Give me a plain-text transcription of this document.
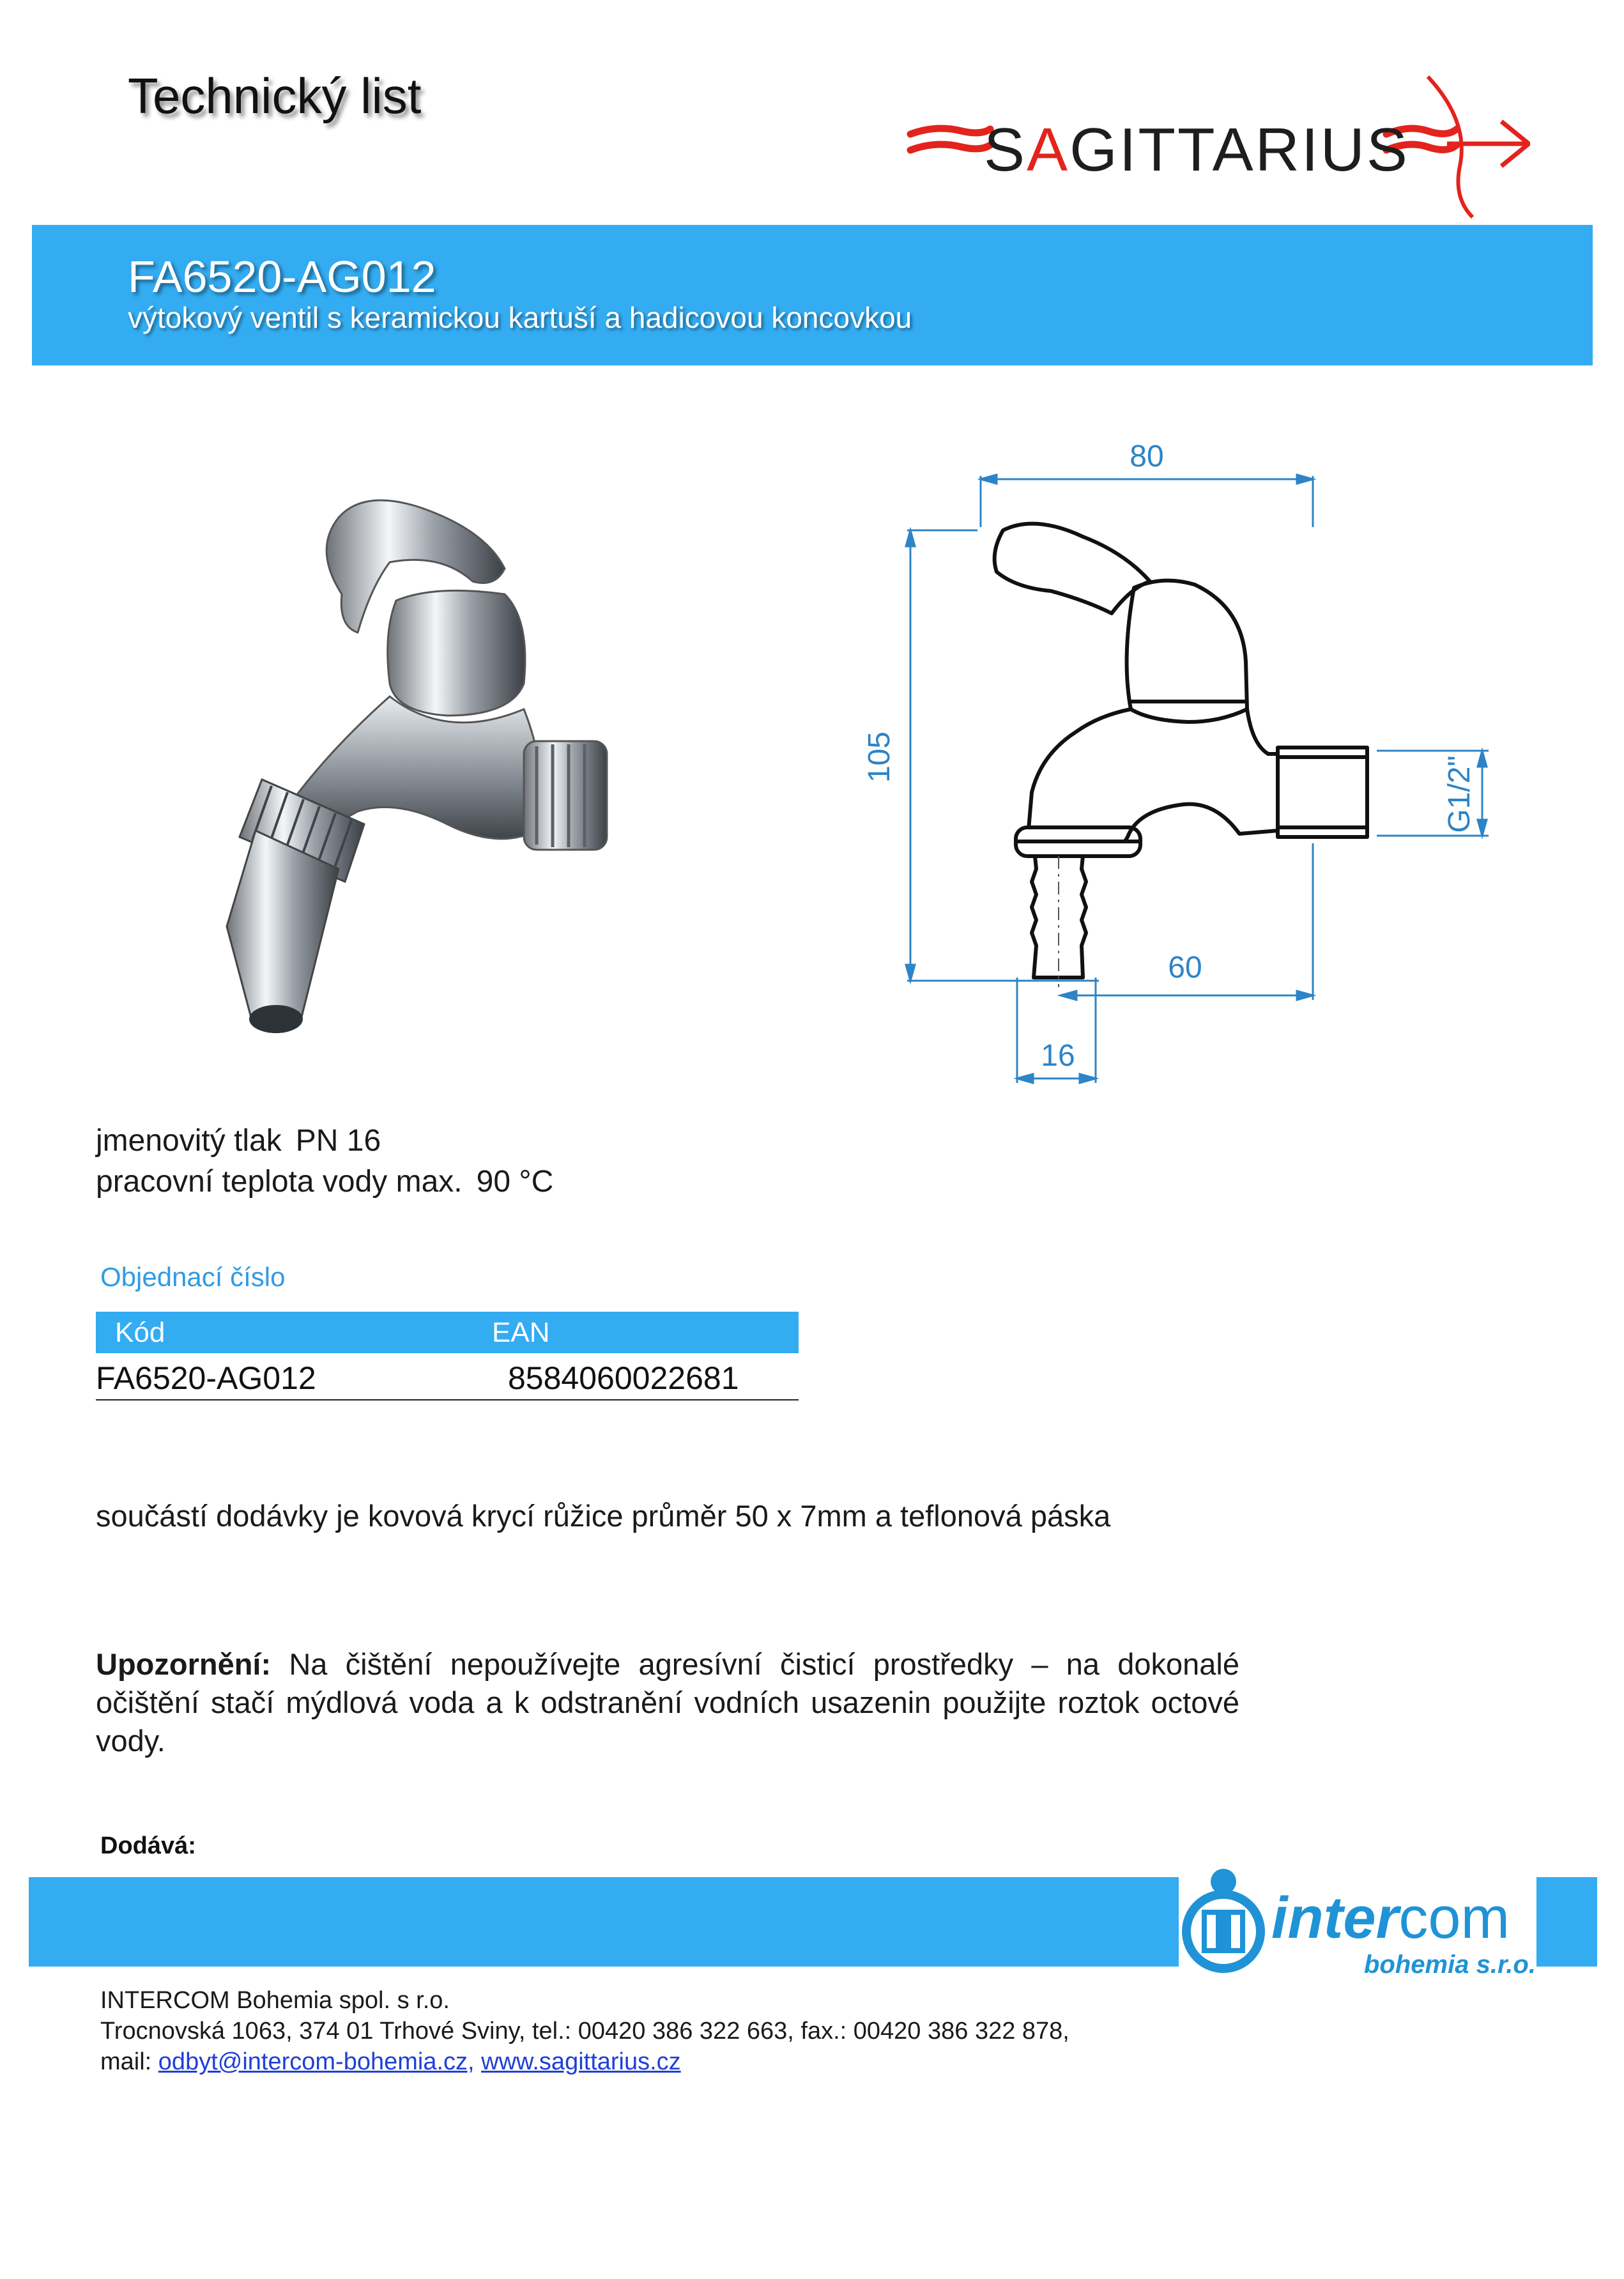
Technický list
SAGITTARIUS
FA6520-AG012
výtokový ventil s keramickou kartuší a hadicovou koncovkou
80
105	G1/2"
60
16
jmenovitý tlak PN 16
pracovní teplota vody max. 90 °C
Objednací číslo
Kód	EAN
FA6520-AG012	8584060022681
součástí dodávky je kovová krycí růžice průměr 50 x 7mm a teflonová páska
Upozornění: Na čištění nepoužívejte agresívní čisticí prostředky – na dokonalé očištění stačí mýdlová voda a k odstranění vodních usazenin použijte roztok octové vody.
Dodává:
intercom
bohemia s.r.o.
INTERCOM Bohemia spol. s r.o.
Trocnovská 1063, 374 01 Trhové Sviny, tel.: 00420 386 322 663, fax.: 00420 386 322 878,
mail: odbyt@intercom-bohemia.cz, www.sagittarius.cz
